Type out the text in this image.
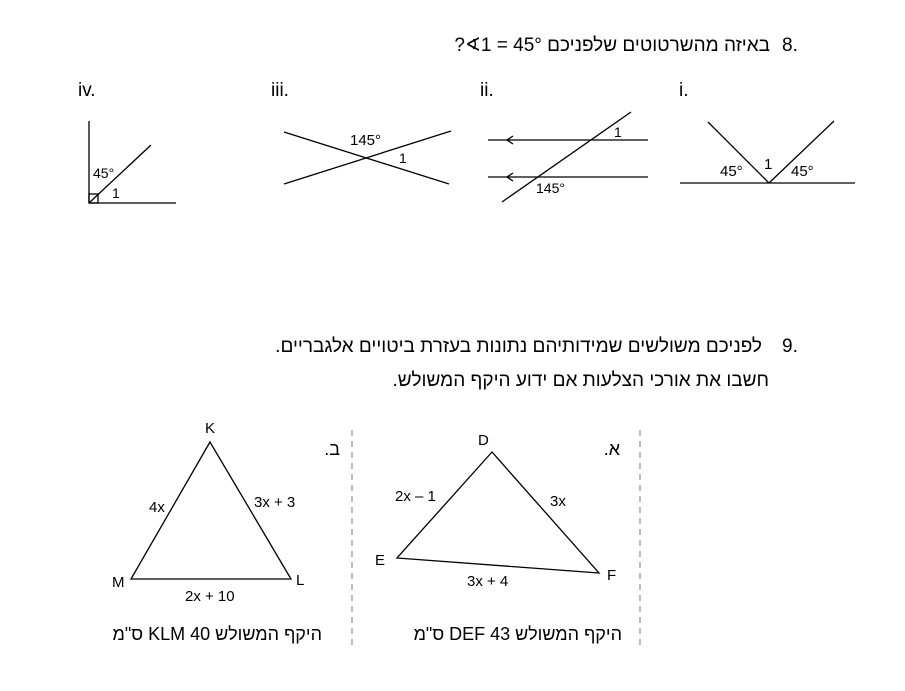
8.
באיזה מהשרטוטים שלפניכם 45° = 1∢?
i.
ii.
iii.
iv.
45° 1 45°
1
145°
145°
1
45°
1
9.
לפניכם משולשים שמידותיהם נתונות בעזרת ביטויים אלגבריים.
חשבו את אורכי הצלעות אם ידוע היקף המשולש.
א.
D
E
F
2x – 1	3x
3x + 4
היקף המשולש DEF 43 ס"מ
ב.
K
M	L
4x	3x + 3
2x + 10
היקף המשולש KLM 40 ס"מ
